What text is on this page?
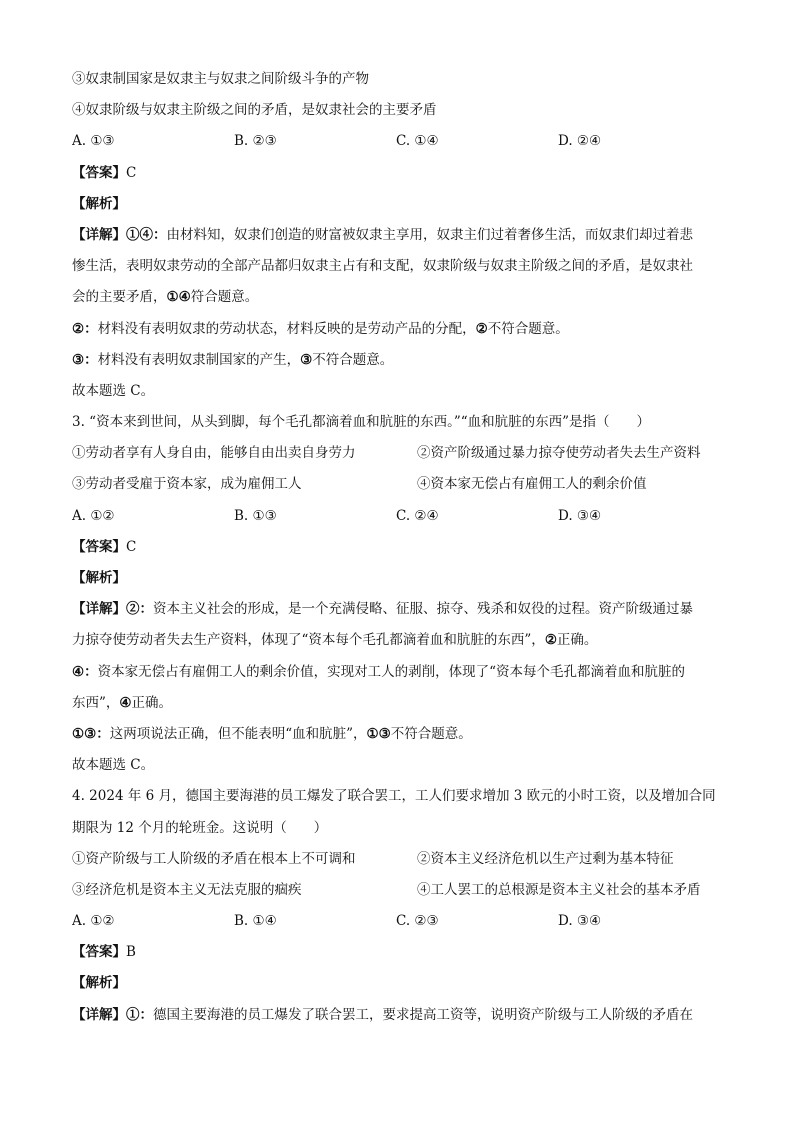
③奴隶制国家是奴隶主与奴隶之间阶级斗争的产物
④奴隶阶级与奴隶主阶级之间的矛盾，是奴隶社会的主要矛盾
A. ①③	B. ②③	C. ①④	D. ②④
【答案】C
【解析】
【详解】①④：由材料知，奴隶们创造的财富被奴隶主享用，奴隶主们过着奢侈生活，而奴隶们却过着悲
惨生活，表明奴隶劳动的全部产品都归奴隶主占有和支配，奴隶阶级与奴隶主阶级之间的矛盾，是奴隶社
会的主要矛盾，①④符合题意。
②：材料没有表明奴隶的劳动状态，材料反映的是劳动产品的分配，②不符合题意。
③：材料没有表明奴隶制国家的产生，③不符合题意。
故本题选 C。
3. “资本来到世间，从头到脚，每个毛孔都滴着血和肮脏的东西。”“血和肮脏的东西”是指（　　）
①劳动者享有人身自由，能够自由出卖自身劳力	②资产阶级通过暴力掠夺使劳动者失去生产资料
③劳动者受雇于资本家，成为雇佣工人	④资本家无偿占有雇佣工人的剩余价值
A. ①②	B. ①③	C. ②④	D. ③④
【答案】C
【解析】
【详解】②：资本主义社会的形成，是一个充满侵略、征服、掠夺、残杀和奴役的过程。资产阶级通过暴
力掠夺使劳动者失去生产资料，体现了“资本每个毛孔都滴着血和肮脏的东西”，②正确。
④：资本家无偿占有雇佣工人的剩余价值，实现对工人的剥削，体现了“资本每个毛孔都滴着血和肮脏的
东西”，④正确。
①③：这两项说法正确，但不能表明“血和肮脏”，①③不符合题意。
故本题选 C。
4. 2024 年 6 月，德国主要海港的员工爆发了联合罢工，工人们要求增加 3 欧元的小时工资，以及增加合同
期限为 12 个月的轮班金。这说明（　　）
①资产阶级与工人阶级的矛盾在根本上不可调和	②资本主义经济危机以生产过剩为基本特征
③经济危机是资本主义无法克服的痼疾	④工人罢工的总根源是资本主义社会的基本矛盾
A. ①②	B. ①④	C. ②③	D. ③④
【答案】B
【解析】
【详解】①：德国主要海港的员工爆发了联合罢工，要求提高工资等，说明资产阶级与工人阶级的矛盾在
